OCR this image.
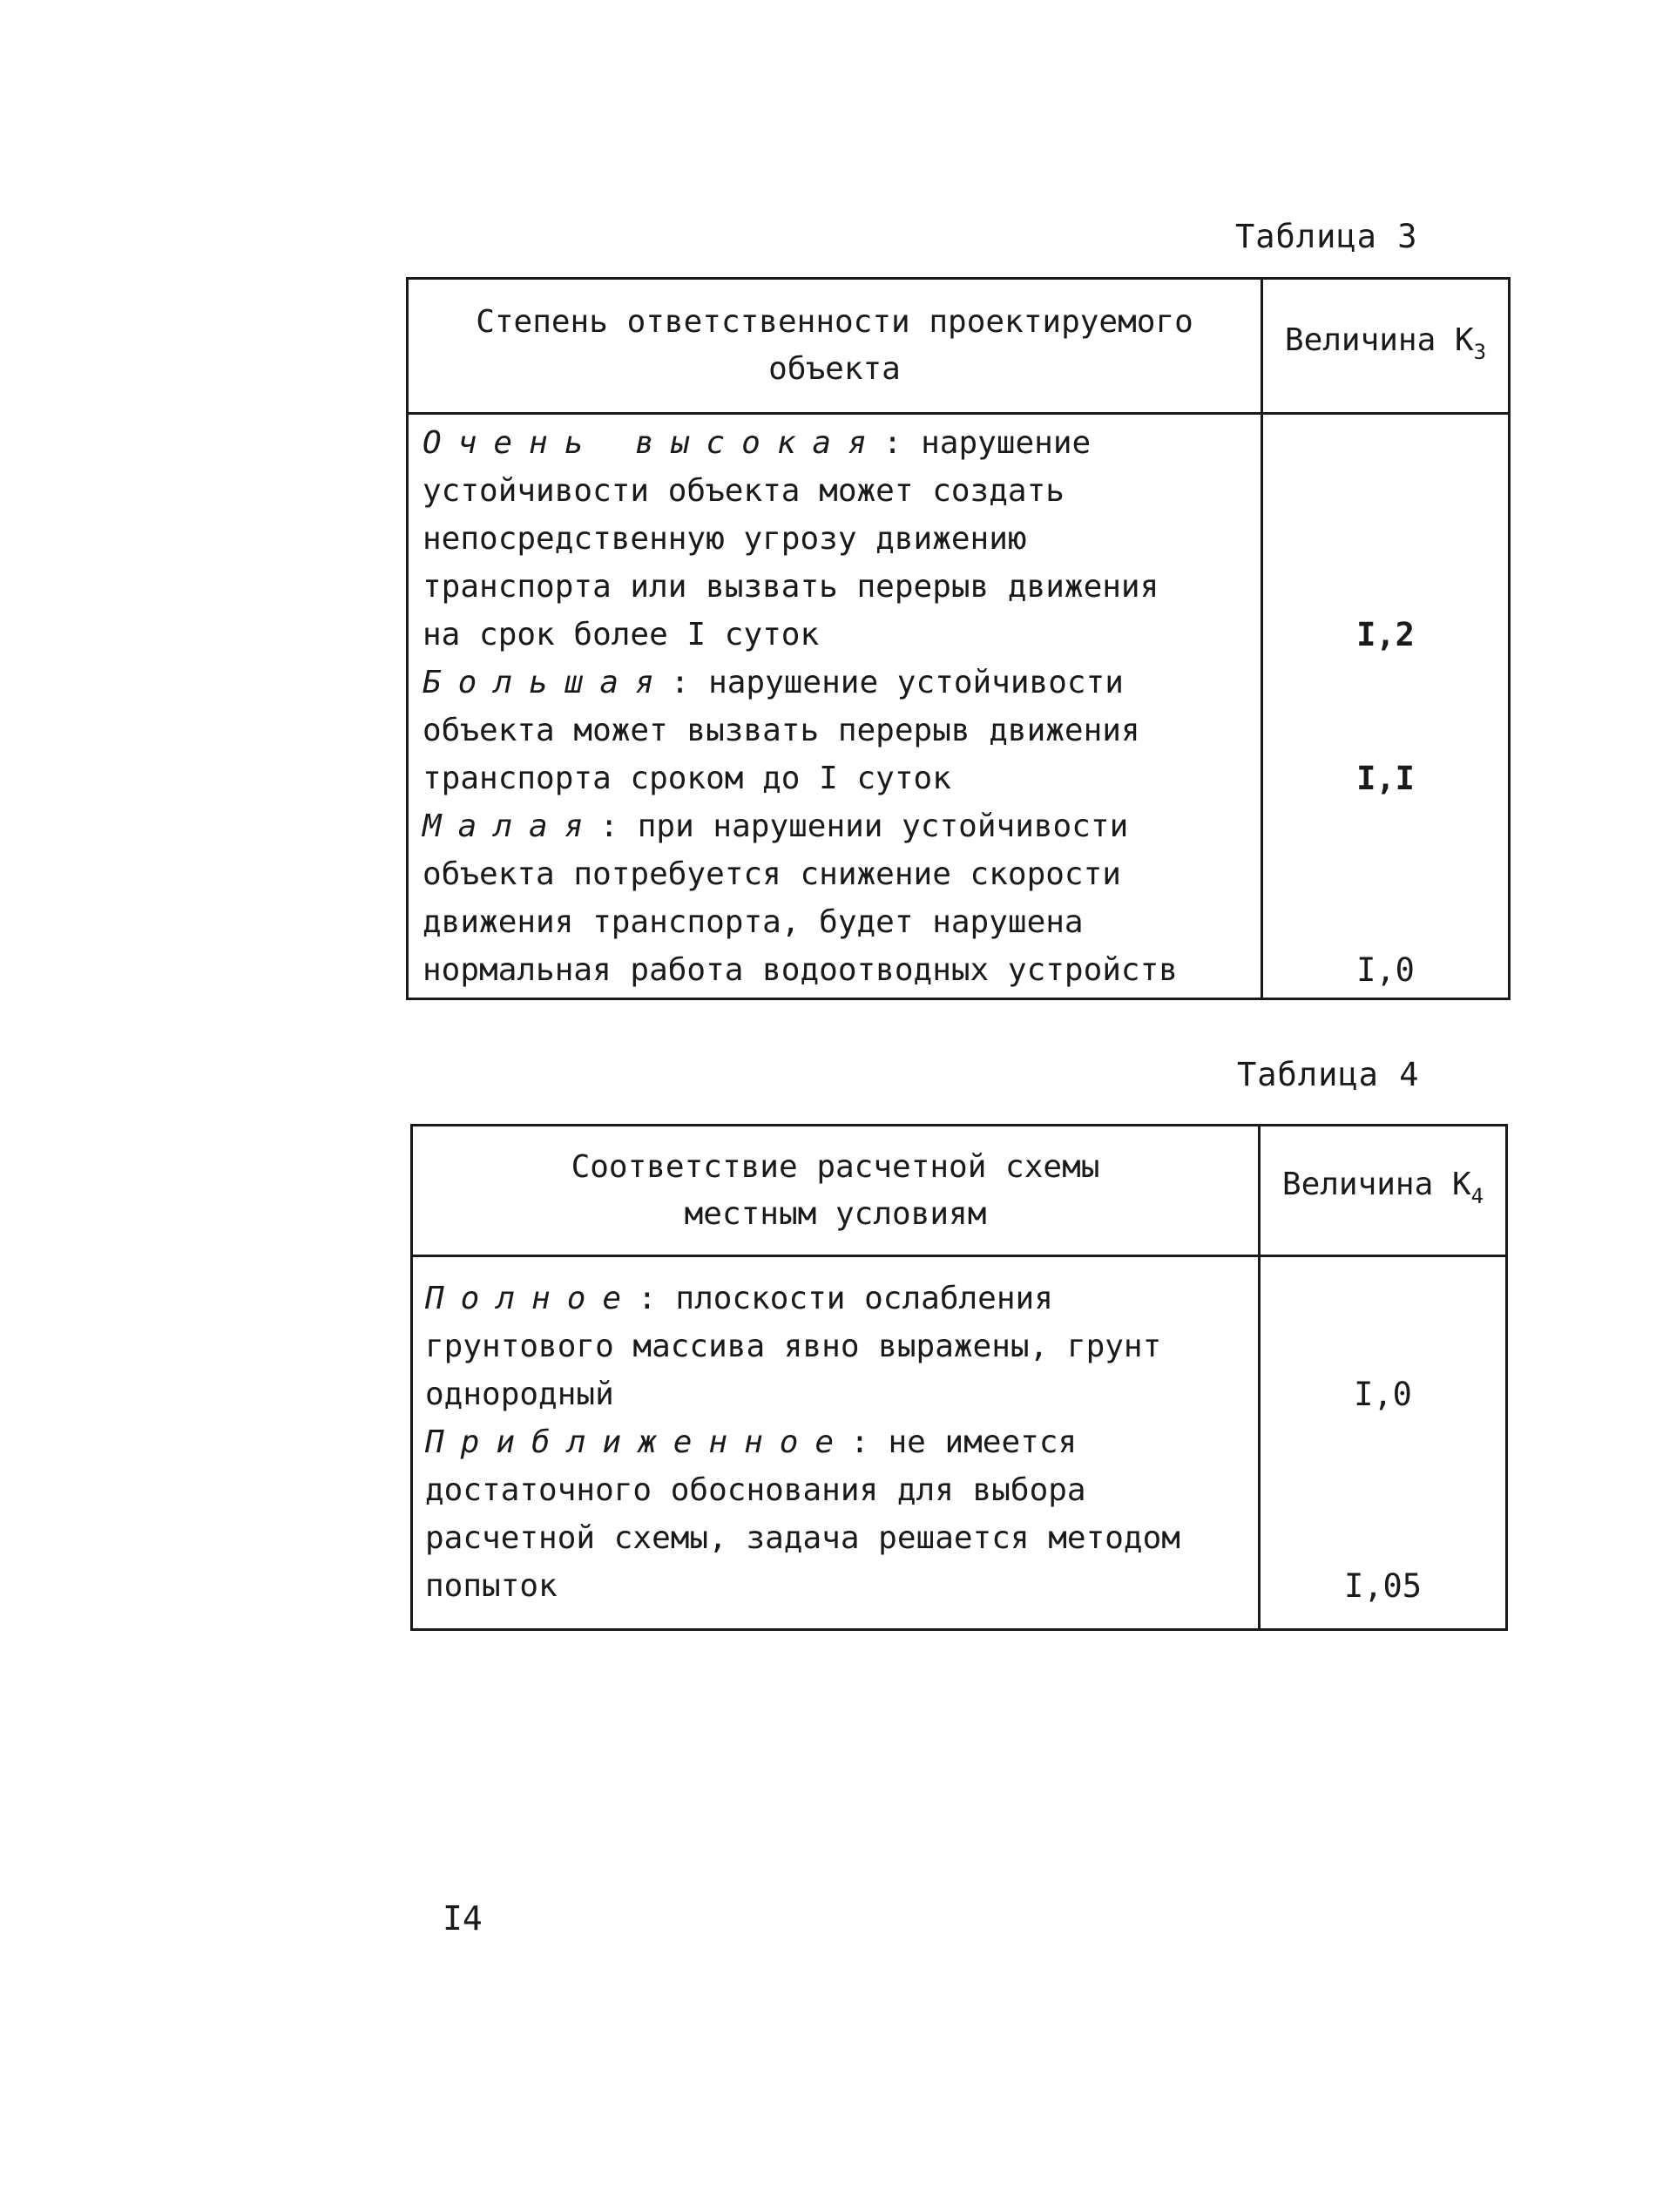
Таблица 3
Степень ответственности проектируемого объекта
Величина $K_3$
Очень высокая : нарушение
устойчивости объекта может создать
непосредственную угрозу движению
транспорта или вызвать перерыв движения
на срок более I суток
Большая : нарушение устойчивости
объекта может вызвать перерыв движения
транспорта сроком до I суток
Малая : при нарушении устойчивости
объекта потребуется снижение скорости
движения транспорта, будет нарушена
нормальная работа водоотводных устройств
I,2
I,I
I,0
Таблица 4
Соответствие расчетной схемы
местным условиям
Величина $K_4$
Полное : плоскости ослабления
грунтового массива явно выражены, грунт
однородный
Приближенное : не имеется
достаточного обоснования для выбора
расчетной схемы, задача решается методом
попыток
I,0
I,05
I4
